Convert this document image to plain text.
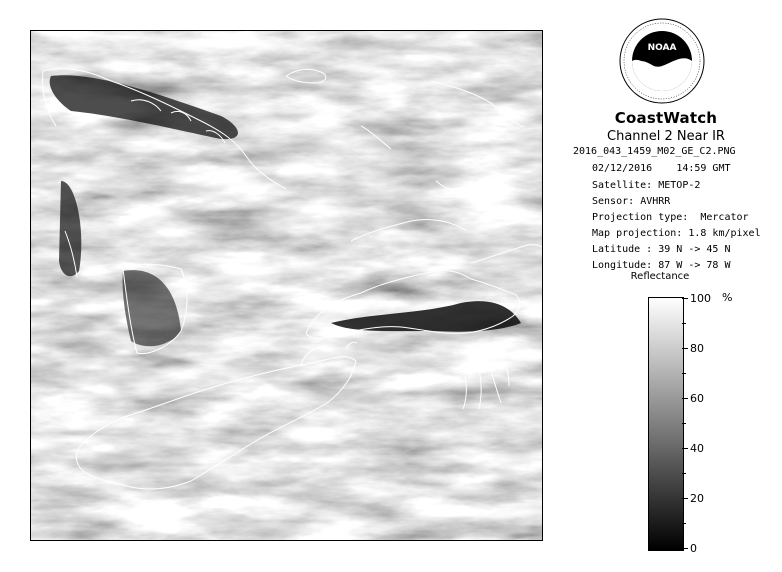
NOAA
CoastWatch
Channel 2 Near IR
2016_043_1459_M02_GE_C2.PNG
02/12/2016 14:59 GMT
Satellite: METOP-2
Sensor: AVHRR
Projection type: Mercator
Map projection: 1.8 km/pixel
Latitude : 39 N -> 45 N
Longitude: 87 W -> 78 W
Reflectance
%
100
80
60
40
20
0
